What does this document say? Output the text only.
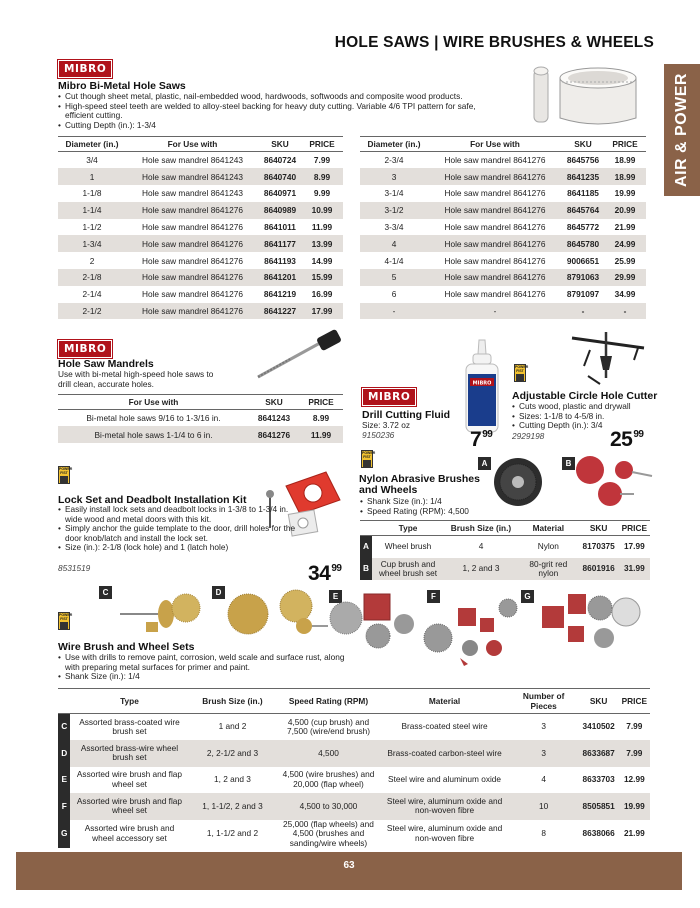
HOLE SAWS | WIRE BRUSHES & WHEELS
AIR & POWER
MIBRO
Mibro Bi-Metal Hole Saws
• Cut though sheet metal, plastic, nail-embedded wood, hardwoods, softwoods and composite wood products.
• High-speed steel teeth are welded to alloy-steel backing for heavy duty cutting. Variable 4/6 TPI pattern for safe, efficient cutting.
• Cutting Depth (in.): 1-3/4
Diameter (in.)	For Use with	SKU	PRICE
3/4	Hole saw mandrel 8641243	8640724	7.99
1	Hole saw mandrel 8641243	8640740	8.99
1-1/8	Hole saw mandrel 8641243	8640971	9.99
1-1/4	Hole saw mandrel 8641276	8640989	10.99
1-1/2	Hole saw mandrel 8641276	8641011	11.99
1-3/4	Hole saw mandrel 8641276	8641177	13.99
2	Hole saw mandrel 8641276	8641193	14.99
2-1/8	Hole saw mandrel 8641276	8641201	15.99
2-1/4	Hole saw mandrel 8641276	8641219	16.99
2-1/2	Hole saw mandrel 8641276	8641227	17.99
Diameter (in.)	For Use with	SKU	PRICE
2-3/4	Hole saw mandrel 8641276	8645756	18.99
3	Hole saw mandrel 8641276	8641235	18.99
3-1/4	Hole saw mandrel 8641276	8641185	19.99
3-1/2	Hole saw mandrel 8641276	8645764	20.99
3-3/4	Hole saw mandrel 8641276	8645772	21.99
4	Hole saw mandrel 8641276	8645780	24.99
4-1/4	Hole saw mandrel 8641276	9006651	25.99
5	Hole saw mandrel 8641276	8791063	29.99
6	Hole saw mandrel 8641276	8791097	34.99
-	-	-	-
MIBRO
Hole Saw Mandrels
Use with bi-metal high-speed hole saws to drill clean, accurate holes.
For Use with	SKU	PRICE
Bi-metal hole saws 9/16 to 1-3/16 in.	8641243	8.99
Bi-metal hole saws 1-1/4 to 6 in.	8641276	11.99
MIBRO
MIBRO
Drill Cutting Fluid
Size: 3.72 oz
9150236	$7^{99}$
POWER FIST
Adjustable Circle Hole Cutter
• Cuts wood, plastic and drywall
• Sizes: 1-1/8 to 4-5/8 in.
• Cutting Depth (in.): 3/4
2929198	$25^{99}$
POWER FIST
Lock Set and Deadbolt Installation Kit
• Easily install lock sets and deadbolt locks in 1-3/8 to 1-3/4 in. wide wood and metal doors with this kit.
• Simply anchor the guide template to the door, drill holes for the door knob/latch and install the lock set.
• Size (in.): 2-1/8 (lock hole) and 1 (latch hole)
8531519	$34^{99}$
POWER FIST
A	B
Nylon Abrasive Brushes and Wheels
• Shank Size (in.): 1/4
• Speed Rating (RPM): 4,500
	Type	Brush Size (in.)	Material	SKU	PRICE
A	Wheel brush	4	Nylon	8170375	17.99
B	Cup brush and wheel brush set	1, 2 and 3	80-grit red nylon	8601916	31.99
C	D	E	F	G
POWER FIST
Wire Brush and Wheel Sets
• Use with drills to remove paint, corrosion, weld scale and surface rust, along with preparing metal surfaces for primer and paint.
• Shank Size (in.): 1/4
	Type	Brush Size (in.)	Speed Rating (RPM)	Material	Number of Pieces	SKU	PRICE
C	Assorted brass-coated wire brush set	1 and 2	4,500 (cup brush) and 7,500 (wire/end brush)	Brass-coated steel wire	3	3410502	7.99
D	Assorted brass-wire wheel brush set	2, 2-1/2 and 3	4,500	Brass-coated carbon-steel wire	3	8633687	7.99
E	Assorted wire brush and flap wheel set	1, 2 and 3	4,500 (wire brushes) and 20,000 (flap wheel)	Steel wire and aluminum oxide	4	8633703	12.99
F	Assorted wire brush and flap wheel set	1, 1-1/2, 2 and 3	4,500 to 30,000	Steel wire, aluminum oxide and non-woven fibre	10	8505851	19.99
G	Assorted wire brush and wheel accessory set	1, 1-1/2 and 2	25,000 (flap wheels) and 4,500 (brushes and sanding/wire wheels)	Steel wire, aluminum oxide and non-woven fibre	8	8638066	21.99
63
